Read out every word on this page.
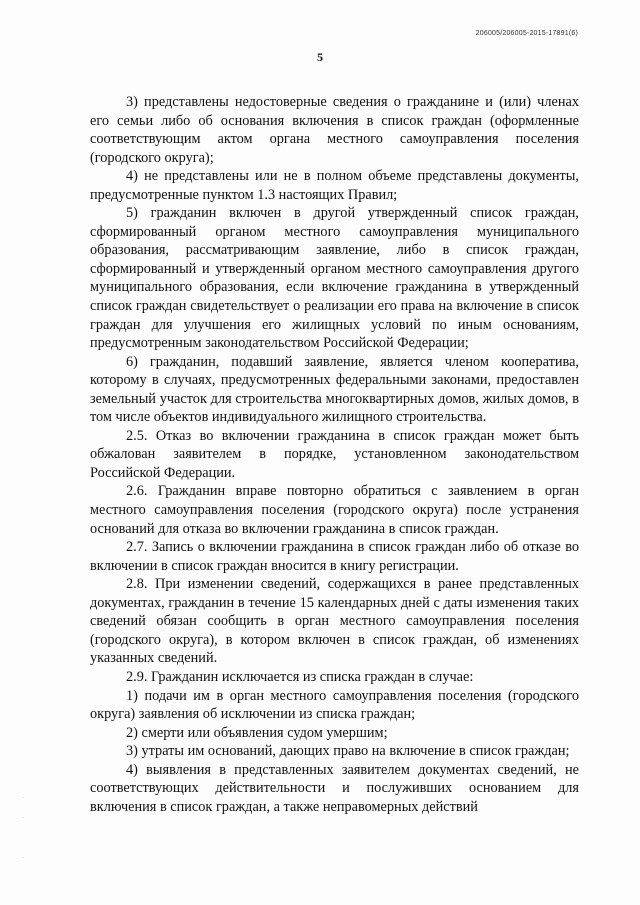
206005/206005-2015-17891(6)
5

3) представлены недостоверные сведения о гражданине и (или) членах его семьи либо об основания включения в список граждан (оформленные соответствующим актом органа местного самоуправления поселения (городского округа);

4) не представлены или не в полном объеме представлены документы, предусмотренные пунктом 1.3 настоящих Правил;

5) гражданин включен в другой утвержденный список граждан, сформированный органом местного самоуправления муниципального образования, рассматривающим заявление, либо в список граждан, сформированный и утвержденный органом местного самоуправления другого муниципального образования, если включение гражданина в утвержденный список граждан свидетельствует о реализации его права на включение в список граждан для улучшения его жилищных условий по иным основаниям, предусмотренным законодательством Российской Федерации;

6) гражданин, подавший заявление, является членом кооператива, которому в случаях, предусмотренных федеральными законами, предоставлен земельный участок для строительства многоквартирных домов, жилых домов, в том числе объектов индивидуального жилищного строительства.

2.5. Отказ во включении гражданина в список граждан может быть обжалован заявителем в порядке, установленном законодательством Российской Федерации.

2.6. Гражданин вправе повторно обратиться с заявлением в орган местного самоуправления поселения (городского округа) после устранения оснований для отказа во включении гражданина в список граждан.

2.7. Запись о включении гражданина в список граждан либо об отказе во включении в список граждан вносится в книгу регистрации.

2.8. При изменении сведений, содержащихся в ранее представленных документах, гражданин в течение 15 календарных дней с даты изменения таких сведений обязан сообщить в орган местного самоуправления поселения (городского округа), в котором включен в список граждан, об изменениях указанных сведений.

2.9. Гражданин исключается из списка граждан в случае:

1) подачи им в орган местного самоуправления поселения (городского округа) заявления об исключении из списка граждан;

2) смерти или объявления судом умершим;

3) утраты им оснований, дающих право на включение в список граждан;

4) выявления в представленных заявителем документах сведений, не соответствующих действительности и послуживших основанием для включения в список граждан, а также неправомерных действий

·
·
·
